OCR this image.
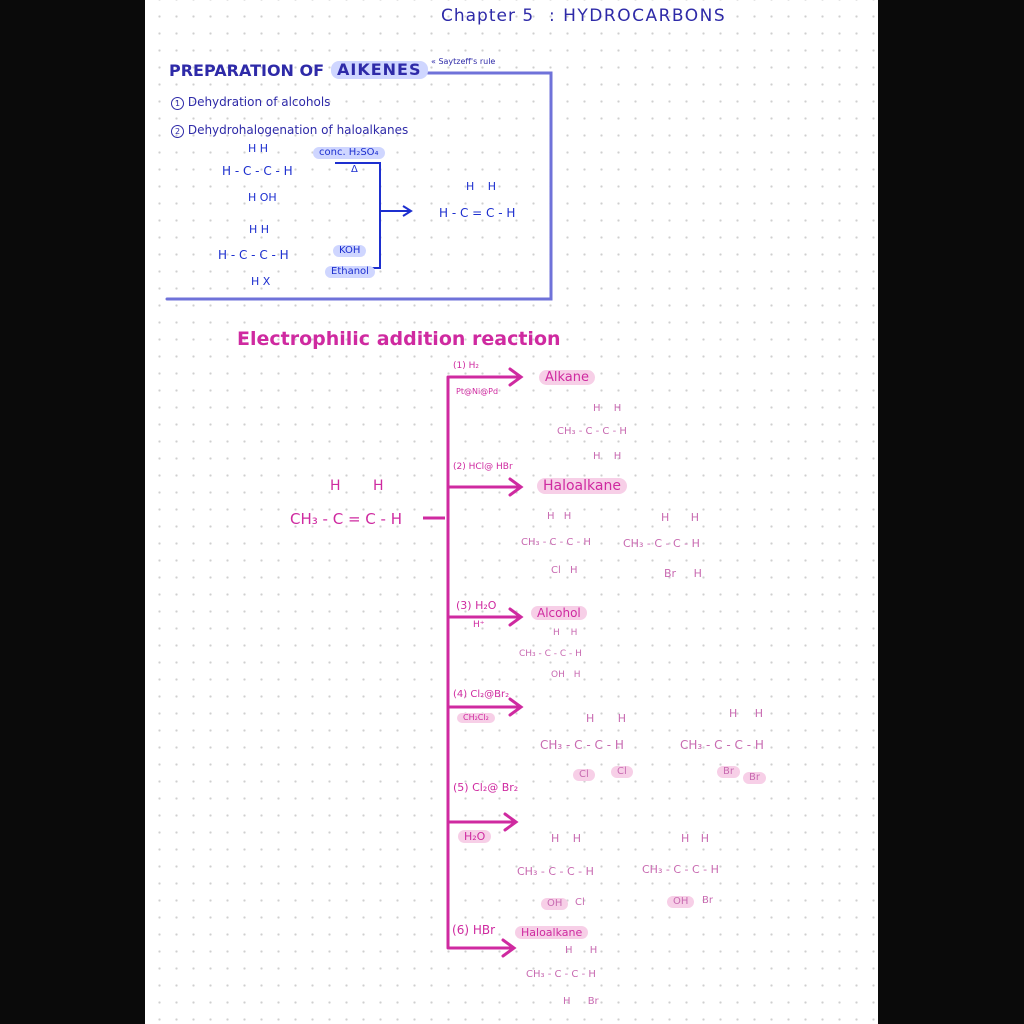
Chapter 5 : HYDROCARBONS
PREPARATION OF AIKENES	« Saytzeff's rule
1 Dehydration of alcohols
2 Dehydrohalogenation of haloalkanes
H H
H - C - C - H
H OH
H H
H - C - C - H
H X
conc. H₂SO₄
Δ
KOH
Ethanol
H H
H - C = C - H
Electrophilic addition reaction
H H
CH₃ - C = C - H
(1) H₂
Pt@Ni@Pd
Alkane
H H
CH₃ - C - C - H
H H
(2) HCl@ HBr
Haloalkane
H H
CH₃ - C - C - H
Cl H
H H
CH₃ - C - C - H
Br H
(3) H₂O
H⁺
Alcohol
H H
CH₃ - C - C - H
OH H
(4) Cl₂@Br₂
CH₂Cl₂	H H
CH₃ - C - C - H
Cl	Cl
H H
CH₃ - C - C - H
Br
Br
(5) Cl₂@ Br₂
H₂O	H H
CH₃ - C - C - H
OH	Cl
H H
CH₃ - C - C - H
OH	Br
(6) HBr	Haloalkane
H H
CH₃ - C - C - H
H Br
